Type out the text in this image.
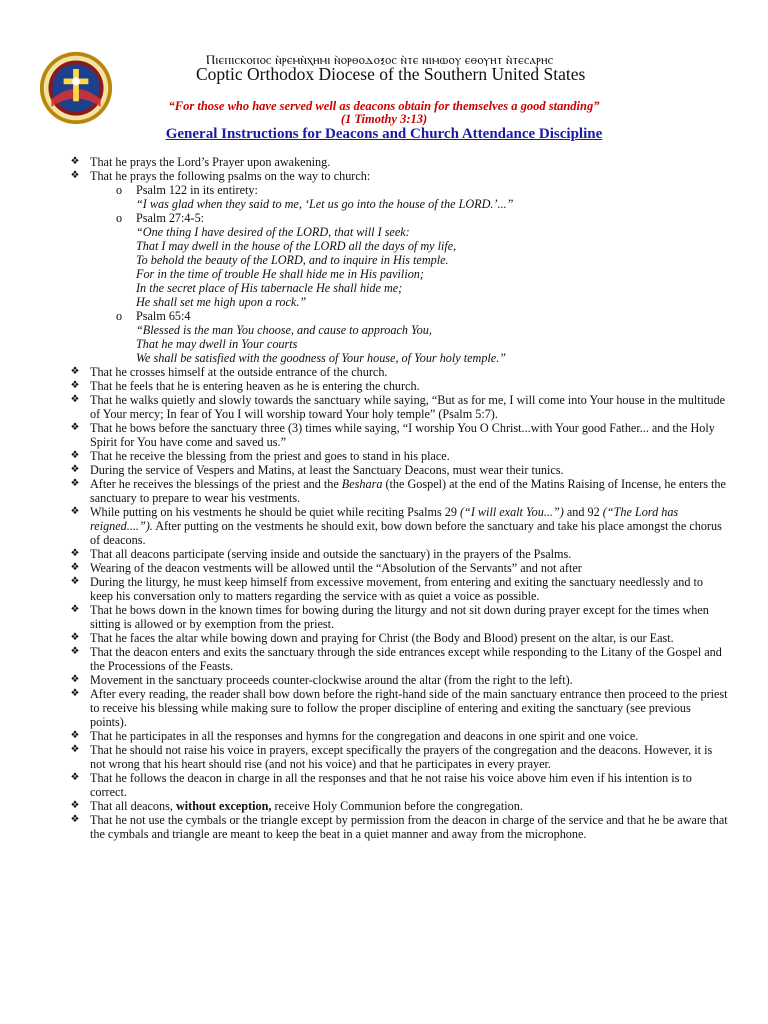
Ⲡⲓⲉⲡⲓⲥⲕⲟⲡⲟⲥ ⲛ̀ⲣⲉⲙⲛ̀ⲭⲏⲙⲓ ⲛ̀ⲟⲣⲑⲟⲇⲟⲝⲟⲥ ⲛ̀ⲧⲉ ⲛⲓⲙⲱⲟⲩ ⲉⲑⲟⲩⲏⲧ ⲛ̀ⲧⲉⲥⲁⲣⲏⲥ
Coptic Orthodox Diocese of the Southern United States
“For those who have served well as deacons obtain for themselves a good standing”
(1 Timothy 3:13)
General Instructions for Deacons and Church Attendance Discipline
❖ That he prays the Lord’s Prayer upon awakening.
❖ That he prays the following psalms on the way to church:
o Psalm 122 in its entirety:
“I was glad when they said to me, ‘Let us go into the house of the LORD.’...”
o Psalm 27:4-5:
“One thing I have desired of the LORD, that will I seek:
That I may dwell in the house of the LORD all the days of my life,
To behold the beauty of the LORD, and to inquire in His temple.
For in the time of trouble He shall hide me in His pavilion;
In the secret place of His tabernacle He shall hide me;
He shall set me high upon a rock.”
o Psalm 65:4
“Blessed is the man You choose, and cause to approach You,
That he may dwell in Your courts
We shall be satisfied with the goodness of Your house, of Your holy temple.”
❖ That he crosses himself at the outside entrance of the church.
❖ That he feels that he is entering heaven as he is entering the church.
❖ That he walks quietly and slowly towards the sanctuary while saying, “But as for me, I will come into Your house in the multitude of Your mercy; In fear of You I will worship toward Your holy temple” (Psalm 5:7).
❖ That he bows before the sanctuary three (3) times while saying, “I worship You O Christ...with Your good Father... and the Holy Spirit for You have come and saved us.”
❖ That he receive the blessing from the priest and goes to stand in his place.
❖ During the service of Vespers and Matins, at least the Sanctuary Deacons, must wear their tunics.
❖ After he receives the blessings of the priest and the Beshara (the Gospel) at the end of the Matins Raising of Incense, he enters the sanctuary to prepare to wear his vestments.
❖ While putting on his vestments he should be quiet while reciting Psalms 29 (“I will exalt You...”) and 92 (“The Lord has reigned....”). After putting on the vestments he should exit, bow down before the sanctuary and take his place amongst the chorus of deacons.
❖ That all deacons participate (serving inside and outside the sanctuary) in the prayers of the Psalms.
❖ Wearing of the deacon vestments will be allowed until the “Absolution of the Servants” and not after
❖ During the liturgy, he must keep himself from excessive movement, from entering and exiting the sanctuary needlessly and to keep his conversation only to matters regarding the service with as quiet a voice as possible.
❖ That he bows down in the known times for bowing during the liturgy and not sit down during prayer except for the times when sitting is allowed or by exemption from the priest.
❖ That he faces the altar while bowing down and praying for Christ (the Body and Blood) present on the altar, is our East.
❖ That the deacon enters and exits the sanctuary through the side entrances except while responding to the Litany of the Gospel and the Processions of the Feasts.
❖ Movement in the sanctuary proceeds counter-clockwise around the altar (from the right to the left).
❖ After every reading, the reader shall bow down before the right-hand side of the main sanctuary entrance then proceed to the priest to receive his blessing while making sure to follow the proper discipline of entering and exiting the sanctuary (see previous points).
❖ That he participates in all the responses and hymns for the congregation and deacons in one spirit and one voice.
❖ That he should not raise his voice in prayers, except specifically the prayers of the congregation and the deacons. However, it is not wrong that his heart should rise (and not his voice) and that he participates in every prayer.
❖ That he follows the deacon in charge in all the responses and that he not raise his voice above him even if his intention is to correct.
❖ That all deacons, without exception, receive Holy Communion before the congregation.
❖ That he not use the cymbals or the triangle except by permission from the deacon in charge of the service and that he be aware that the cymbals and triangle are meant to keep the beat in a quiet manner and away from the microphone.
